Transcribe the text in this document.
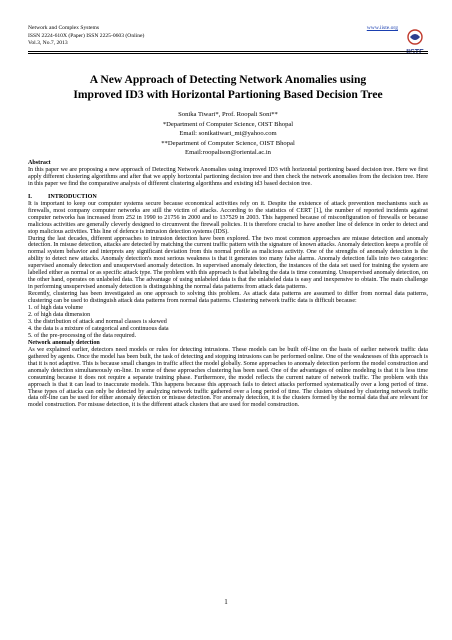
Network and Complex Systems
ISSN 2224-610X (Paper) ISSN 2225-0603 (Online)
Vol.3, No.7, 2013
www.iiste.org
IISTE
A New Approach of Detecting Network Anomalies using
Improved ID3 with Horizontal Partioning Based Decision Tree
Sonika Tiwari*, Prof. Roopali Soni**
*Department of Computer Science, OIST Bhopal
Email: sonikatiwari_mt@yahoo.com
**Department of Computer Science, OIST Bhopal
Email:roopalison@oriental.ac.in

Abstract

In this paper we are proposing a new approach of Detecting Network Anomalies using improved ID3 with horizontal portioning based decision tree. Here we first apply different clustering algorithms and after that we apply horizontal partioning decision tree and then check the network anomalies from the decision tree. Here in this paper we find the comparative analysis of different clustering algorithms and existing id3 based decision tree.

I.	INTRODUCTION

It is important to keep our computer systems secure because economical activities rely on it. Despite the existence of attack prevention mechanisms such as firewalls, most company computer networks are still the victim of attacks. According to the statistics of CERT [1], the number of reported incidents against computer networks has increased from 252 in 1990 to 21756 in 2000 and to 137529 in 2003. This happened because of misconfiguration of firewalls or because malicious activities are generally cleverly designed to circumvent the firewall policies. It is therefore crucial to have another line of defence in order to detect and stop malicious activities. This line of defence is intrusion detection systems (IDS).

During the last decades, different approaches to intrusion detection have been explored. The two most common approaches are misuse detection and anomaly detection. In misuse detection, attacks are detected by matching the current traffic pattern with the signature of known attacks. Anomaly detection keeps a profile of normal system behavior and interprets any significant deviation from this normal profile as malicious activity. One of the strengths of anomaly detection is the ability to detect new attacks. Anomaly detection's most serious weakness is that it generates too many false alarms. Anomaly detection falls into two categories: supervised anomaly detection and unsupervised anomaly detection. In supervised anomaly detection, the instances of the data set used for training the system are labelled either as normal or as specific attack type. The problem with this approach is that labeling the data is time consuming. Unsupervised anomaly detection, on the other hand, operates on unlabeled data. The advantage of using unlabeled data is that the unlabeled data is easy and inexpensive to obtain. The main challenge in performing unsupervised anomaly detection is distinguishing the normal data patterns from attack data patterns.

Recently, clustering has been investigated as one approach to solving this problem. As attack data patterns are assumed to differ from normal data patterns, clustering can be used to distinguish attack data patterns from normal data patterns. Clustering network traffic data is difficult because:

1. of high data volume

2. of high data dimension

3. the distribution of attack and normal classes is skewed

4. the data is a mixture of categorical and continuous data

5. of the pre-processing of the data required.

Network anomaly detection

As we explained earlier, detectors need models or rules for detecting intrusions. These models can be built off-line on the basis of earlier network traffic data gathered by agents. Once the model has been built, the task of detecting and stopping intrusions can be performed online. One of the weaknesses of this approach is that it is not adaptive. This is because small changes in traffic affect the model globally. Some approaches to anomaly detection perform the model construction and anomaly detection simultaneously on-line. In some of these approaches clustering has been used. One of the advantages of online modeling is that it is less time consuming because it does not require a separate training phase. Furthermore, the model reflects the current nature of network traffic. The problem with this approach is that it can lead to inaccurate models. This happens because this approach fails to detect attacks performed systematically over a long period of time. These types of attacks can only be detected by analyzing network traffic gathered over a long period of time. The clusters obtained by clustering network traffic data off-line can be used for either anomaly detection or misuse detection. For anomaly detection, it is the clusters formed by the normal data that are relevant for model construction. For misuse detection, it is the different attack clusters that are used for model construction.

1
